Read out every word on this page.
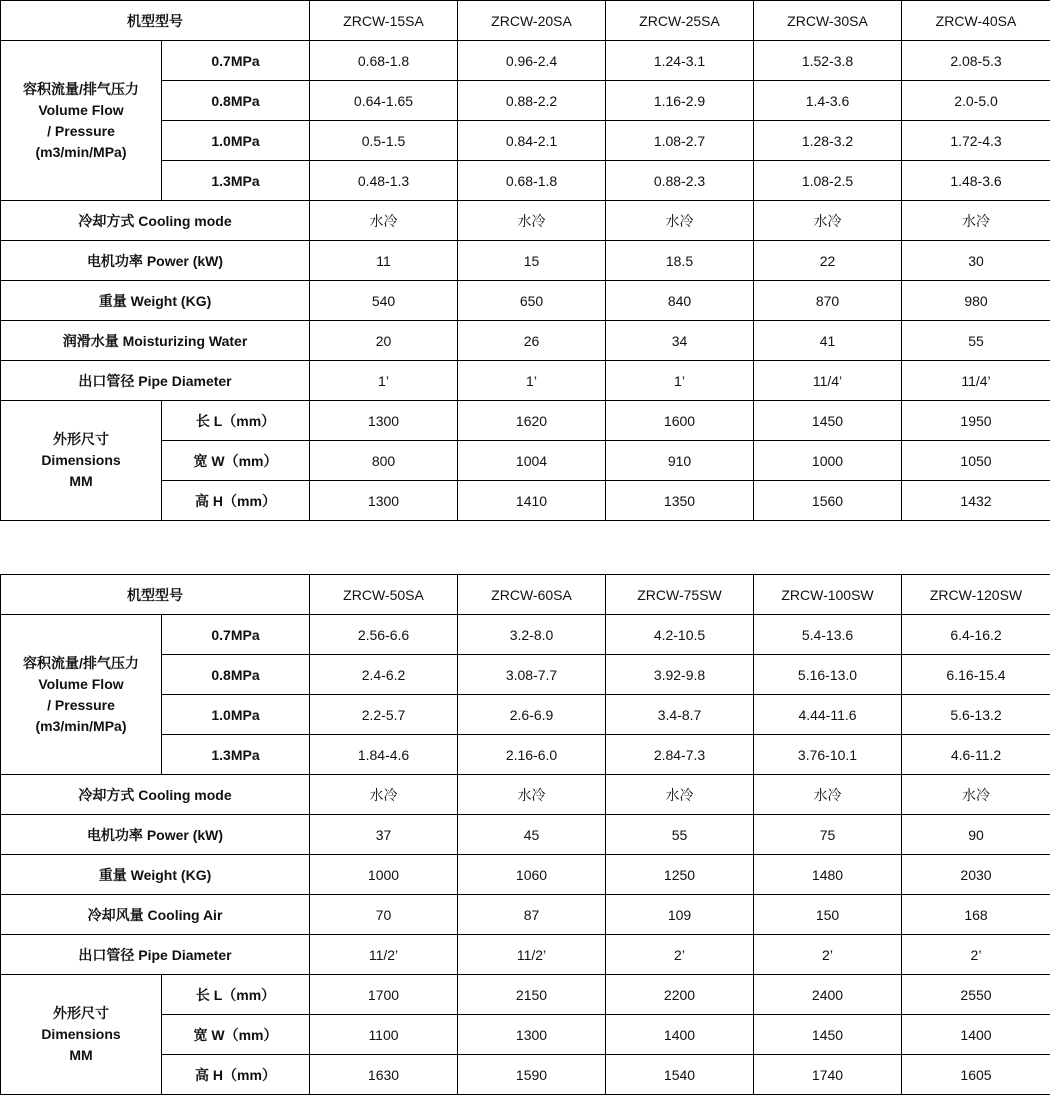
机型型号		ZRCW-15SA	ZRCW-20SA	ZRCW-25SA	ZRCW-30SA	ZRCW-40SA

容积流量/排气压力
Volume Flow
/ Pressure
(m3/min/MPa)	0.7MPa	0.68-1.8	0.96-2.4	1.24-3.1	1.52-3.8	2.08-5.3
	0.8MPa	0.64-1.65	0.88-2.2	1.16-2.9	1.4-3.6	2.0-5.0
	1.0MPa	0.5-1.5	0.84-2.1	1.08-2.7	1.28-3.2	1.72-4.3
	1.3MPa	0.48-1.3	0.68-1.8	0.88-2.3	1.08-2.5	1.48-3.6
冷却方式 Cooling mode		水冷	水冷	水冷	水冷	水冷
电机功率 Power (kW)		11	15	18.5	22	30
重量 Weight (KG)		540	650	840	870	980
润滑水量 Moisturizing Water		20	26	34	41	55
出口管径 Pipe Diameter		1’	1’	1’	11/4’	11/4’

外形尺寸
Dimensions
MM	长 L（mm）	1300	1620	1600	1450	1950
	宽 W（mm）	800	1004	910	1000	1050
	高 H（mm）	1300	1410	1350	1560	1432
机型型号		ZRCW-50SA	ZRCW-60SA	ZRCW-75SW	ZRCW-100SW	ZRCW-120SW

容积流量/排气压力
Volume Flow
/ Pressure
(m3/min/MPa)	0.7MPa	2.56-6.6	3.2-8.0	4.2-10.5	5.4-13.6	6.4-16.2
	0.8MPa	2.4-6.2	3.08-7.7	3.92-9.8	5.16-13.0	6.16-15.4
	1.0MPa	2.2-5.7	2.6-6.9	3.4-8.7	4.44-11.6	5.6-13.2
	1.3MPa	1.84-4.6	2.16-6.0	2.84-7.3	3.76-10.1	4.6-11.2
冷却方式 Cooling mode		水冷	水冷	水冷	水冷	水冷
电机功率 Power (kW)		37	45	55	75	90
重量 Weight (KG)		1000	1060	1250	1480	2030
冷却风量 Cooling Air		70	87	109	150	168
出口管径 Pipe Diameter		11/2’	11/2’	2’	2’	2’

外形尺寸
Dimensions
MM	长 L（mm）	1700	2150	2200	2400	2550
	宽 W（mm）	1100	1300	1400	1450	1400
	高 H（mm）	1630	1590	1540	1740	1605
